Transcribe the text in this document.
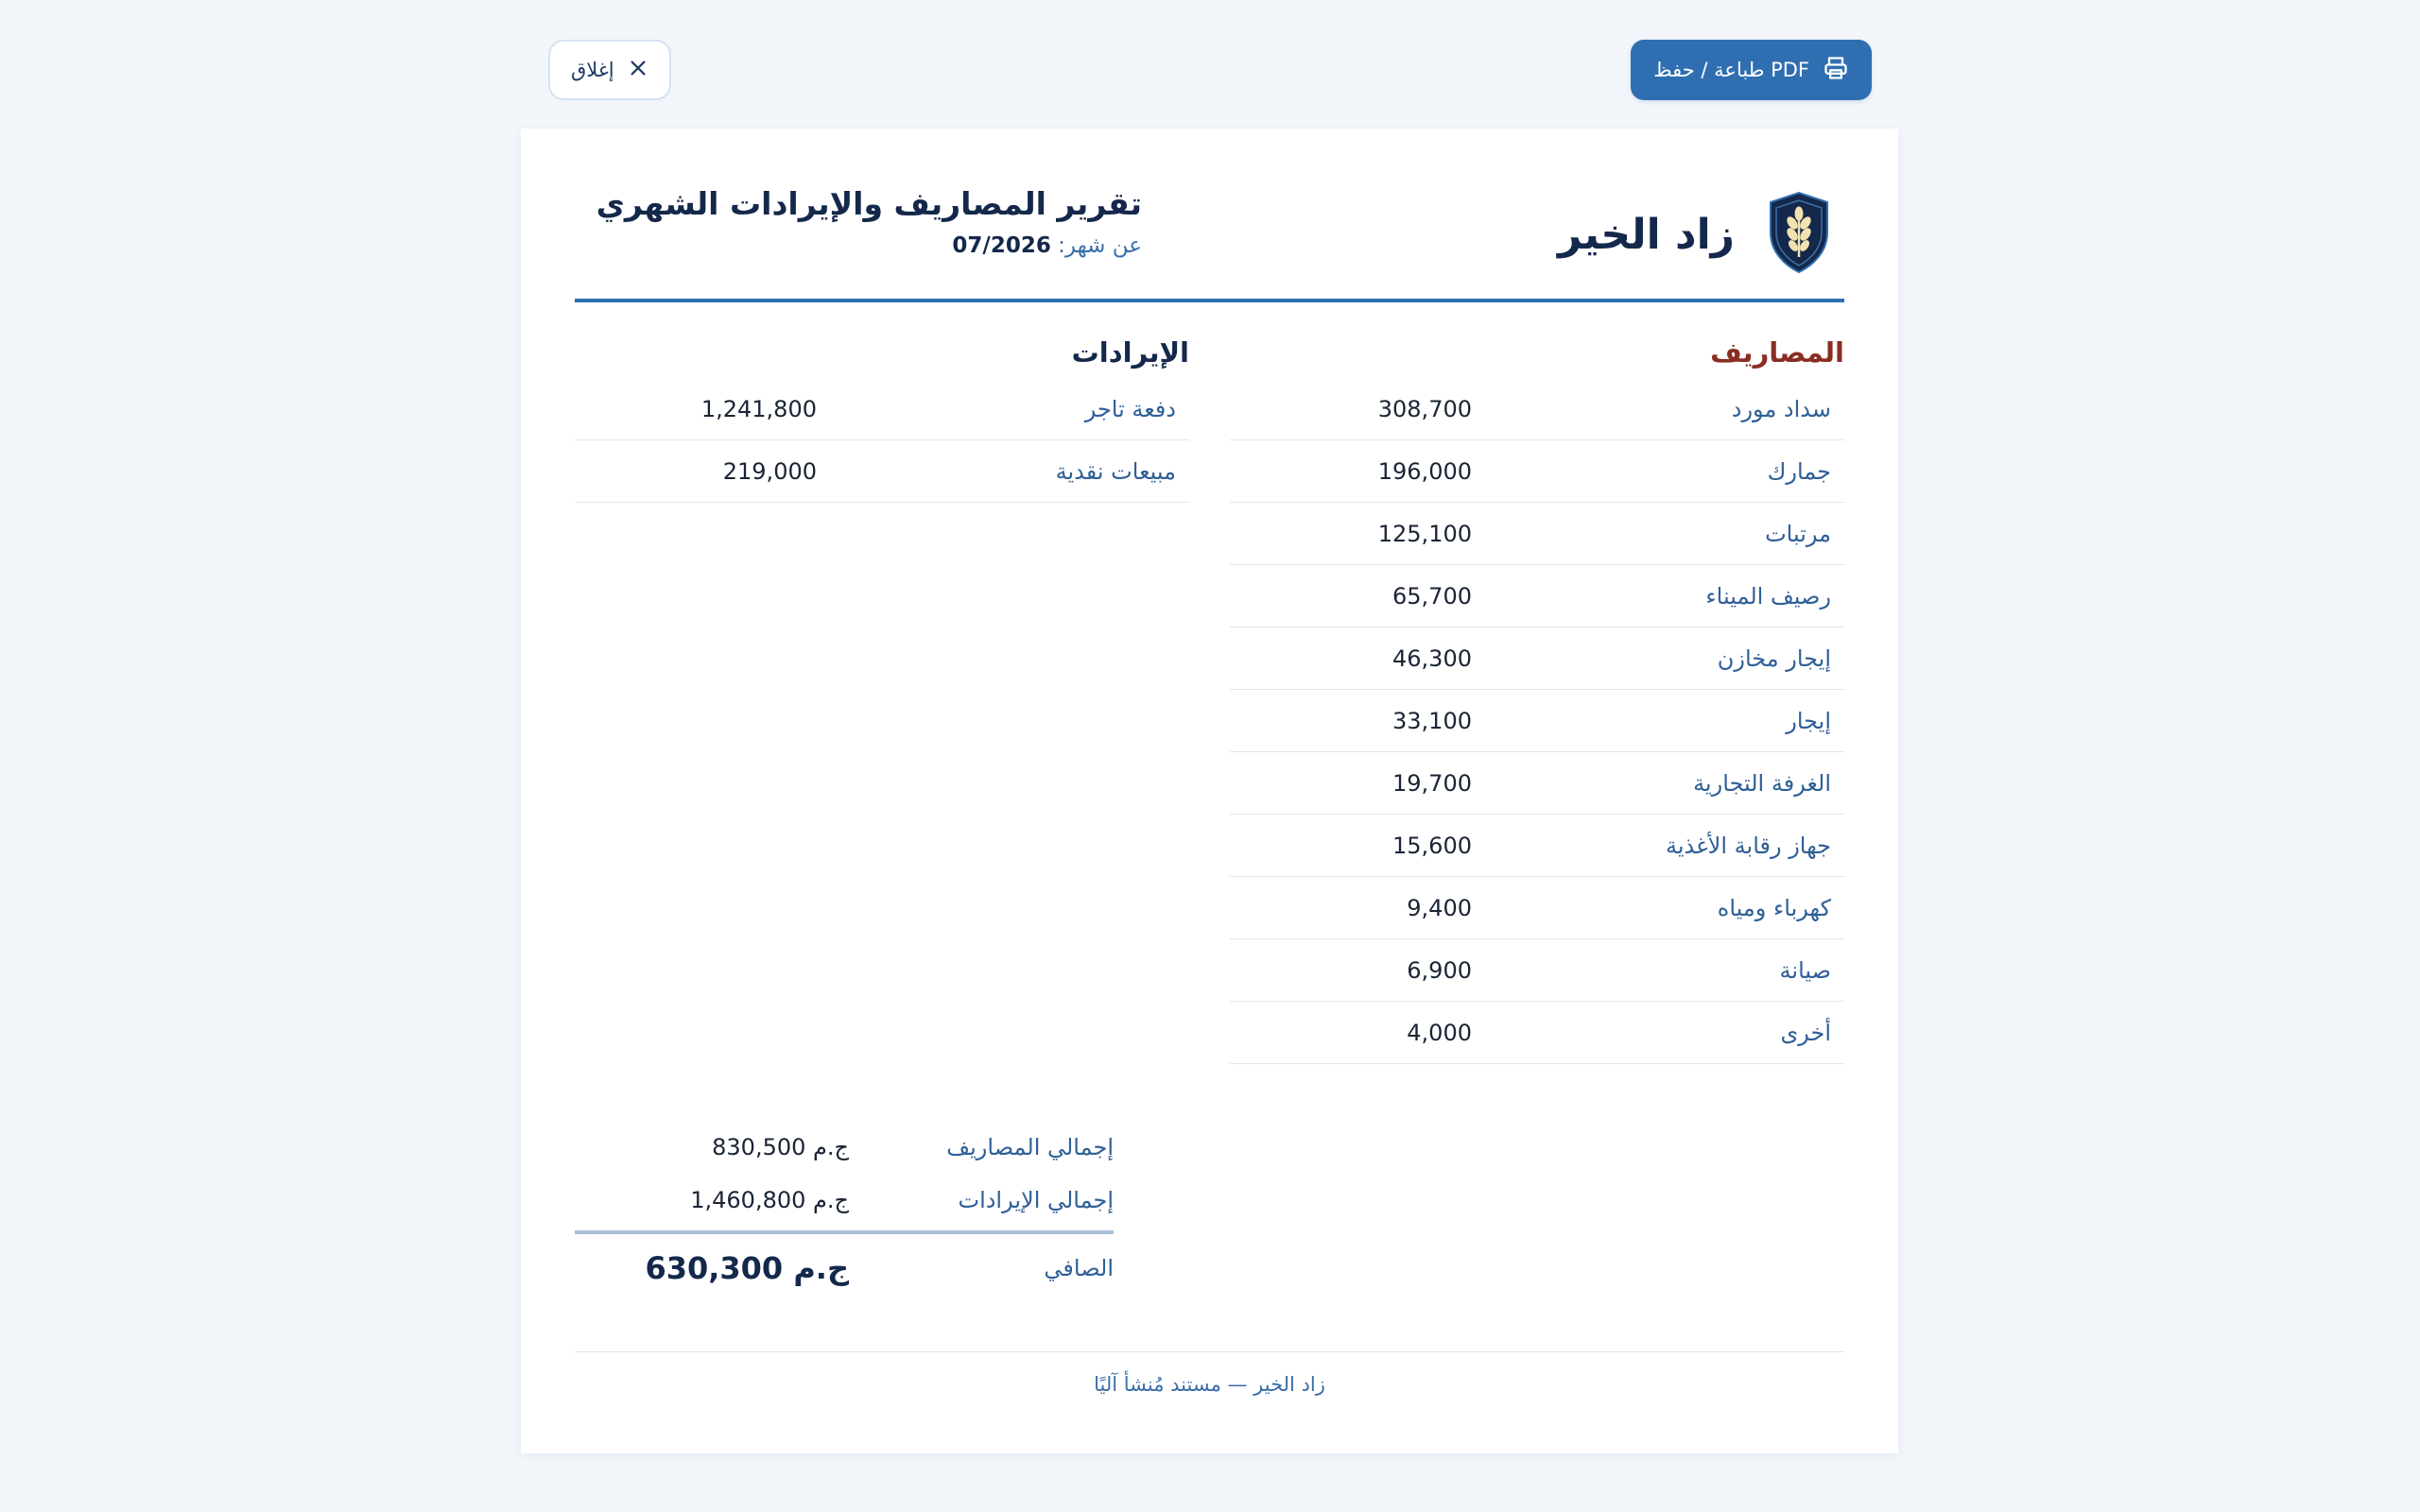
طباعة / حفظ PDF
إغلاق
زاد الخير
تقرير المصاريف والإيرادات الشهري
عن شهر: 07/2026
المصاريف
سداد مورد
308,700
جمارك
196,000
مرتبات
125,100
رصيف الميناء
65,700
إيجار مخازن
46,300
إيجار
33,100
الغرفة التجارية
19,700
جهاز رقابة الأغذية
15,600
كهرباء ومياه
9,400
صيانة
6,900
أخرى
4,000
الإيرادات
دفعة تاجر
1,241,800
مبيعات نقدية
219,000
إجمالي المصاريف
830,500 ج.م
إجمالي الإيرادات
1,460,800 ج.م
الصافي
630,300 ج.م
زاد الخير — مستند مُنشأ آليًا
